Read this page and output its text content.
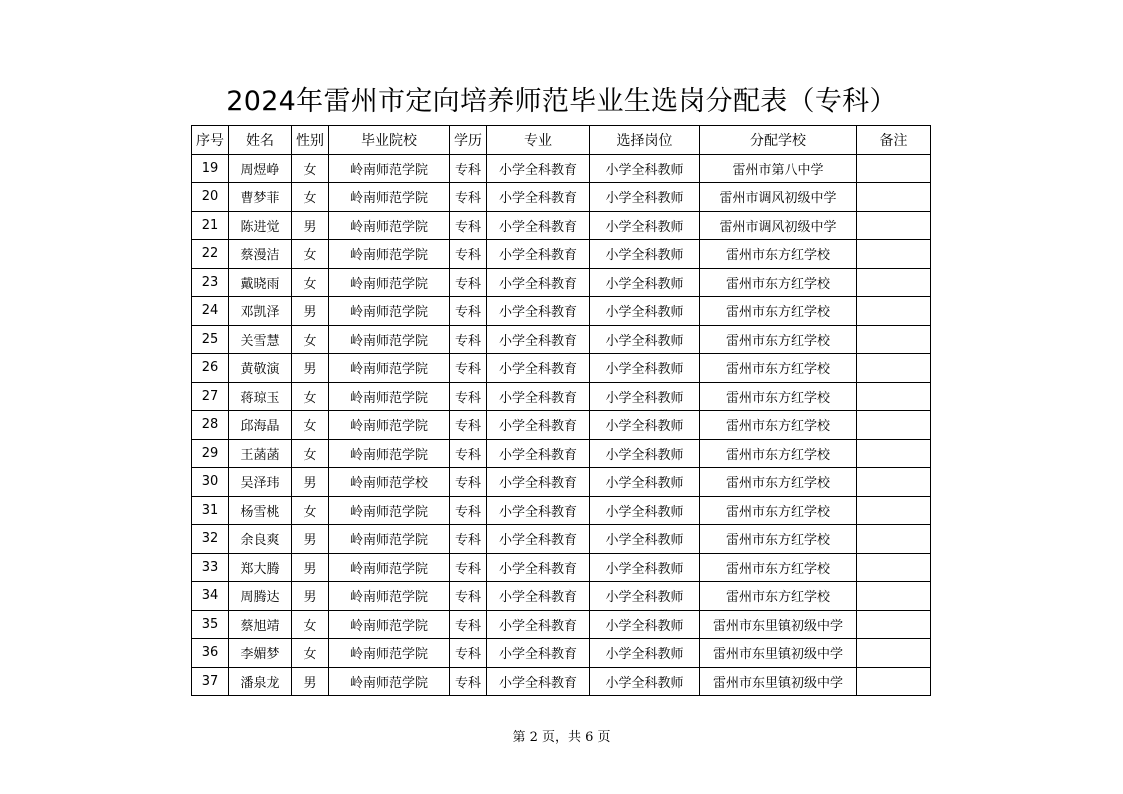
2024年雷州市定向培养师范毕业生选岗分配表（专科）
序号	姓名	性别	毕业院校	学历	专业	选择岗位	分配学校	备注
19	周煜峥	女	岭南师范学院	专科	小学全科教育	小学全科教师	雷州市第八中学	
20	曹梦菲	女	岭南师范学院	专科	小学全科教育	小学全科教师	雷州市调风初级中学	
21	陈进觉	男	岭南师范学院	专科	小学全科教育	小学全科教师	雷州市调风初级中学	
22	蔡漫洁	女	岭南师范学院	专科	小学全科教育	小学全科教师	雷州市东方红学校	
23	戴晓雨	女	岭南师范学院	专科	小学全科教育	小学全科教师	雷州市东方红学校	
24	邓凯泽	男	岭南师范学院	专科	小学全科教育	小学全科教师	雷州市东方红学校	
25	关雪慧	女	岭南师范学院	专科	小学全科教育	小学全科教师	雷州市东方红学校	
26	黄敬演	男	岭南师范学院	专科	小学全科教育	小学全科教师	雷州市东方红学校	
27	蒋琼玉	女	岭南师范学院	专科	小学全科教育	小学全科教师	雷州市东方红学校	
28	邱海晶	女	岭南师范学院	专科	小学全科教育	小学全科教师	雷州市东方红学校	
29	王菡菡	女	岭南师范学院	专科	小学全科教育	小学全科教师	雷州市东方红学校	
30	吴泽玮	男	岭南师范学校	专科	小学全科教育	小学全科教师	雷州市东方红学校	
31	杨雪桃	女	岭南师范学院	专科	小学全科教育	小学全科教师	雷州市东方红学校	
32	余良爽	男	岭南师范学院	专科	小学全科教育	小学全科教师	雷州市东方红学校	
33	郑大腾	男	岭南师范学院	专科	小学全科教育	小学全科教师	雷州市东方红学校	
34	周腾达	男	岭南师范学院	专科	小学全科教育	小学全科教师	雷州市东方红学校	
35	蔡旭靖	女	岭南师范学院	专科	小学全科教育	小学全科教师	雷州市东里镇初级中学	
36	李媚梦	女	岭南师范学院	专科	小学全科教育	小学全科教师	雷州市东里镇初级中学	
37	潘泉龙	男	岭南师范学院	专科	小学全科教育	小学全科教师	雷州市东里镇初级中学	
第 2 页，共 6 页
